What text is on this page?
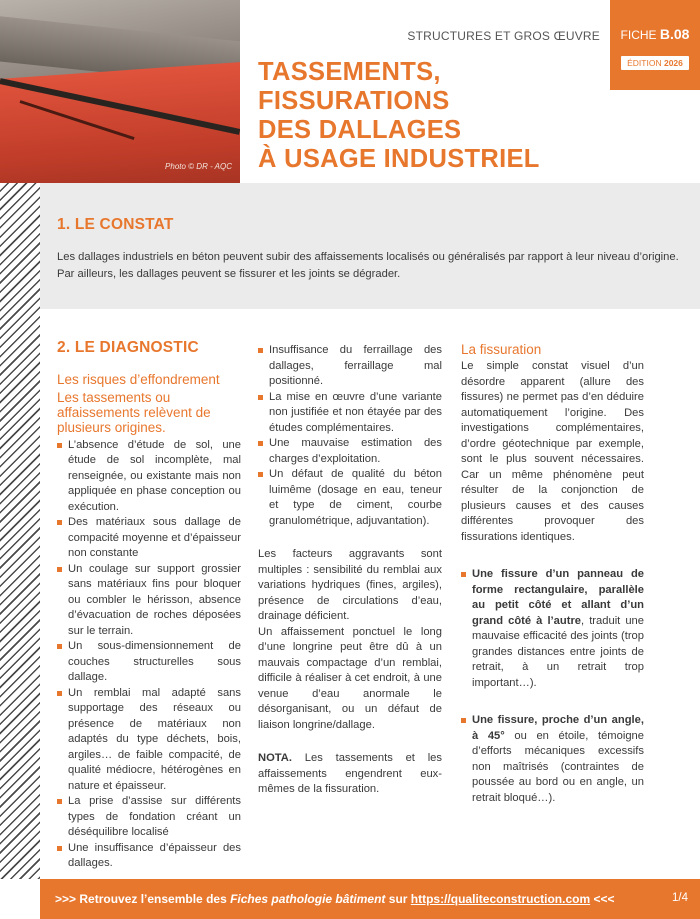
Photo © DR - AQC
STRUCTURES ET GROS ŒUVRE	FICHE B.08
ÉDITION 2026
TASSEMENTS,
FISSURATIONS
DES DALLAGES
À USAGE INDUSTRIEL
1. LE CONSTAT

Les dallages industriels en béton peuvent subir des affaissements localisés ou généralisés par rapport à leur niveau d’origine. Par ailleurs, les dallages peuvent se fissurer et les joints se dégrader.

2. LE DIAGNOSTIC
Les risques d’effondrement
Les tassements ou affaissements relèvent de plusieurs origines.
L’absence d’étude de sol, une étude de sol incomplète, mal renseignée, ou existante mais non appliquée en phase conception ou exécution.
Des matériaux sous dallage de compacité moyenne et d’épaisseur non constante
Un coulage sur support grossier sans matériaux fins pour bloquer ou combler le hérisson, absence d’évacuation de roches déposées sur le terrain.
Un sous-dimensionnement de couches structurelles sous dallage.
Un remblai mal adapté sans supportage des réseaux ou présence de matériaux non adaptés du type déchets, bois, argiles… de faible compacité, de qualité médiocre, hétérogènes en nature et épaisseur.
La prise d’assise sur différents types de fondation créant un déséquilibre localisé
Une insuffisance d’épaisseur des dallages.
Insuffisance du ferraillage des dallages, ferraillage mal positionné.
La mise en œuvre d’une variante non justifiée et non étayée par des études complémentaires.
Une mauvaise estimation des charges d’exploitation.
Un défaut de qualité du béton luimême (dosage en eau, teneur et type de ciment, courbe granulométrique, adjuvantation).

Les facteurs aggravants sont multiples : sensibilité du remblai aux variations hydriques (fines, argiles), présence de circulations d’eau, drainage déficient.

Un affaissement ponctuel le long d’une longrine peut être dû à un mauvais compactage d’un remblai, difficile à réaliser à cet endroit, à une venue d’eau anormale le désorganisant, ou un défaut de liaison longrine/dallage.

NOTA. Les tassements et les affaissements engendrent eux-mêmes de la fissuration.

La fissuration

Le simple constat visuel d’un désordre apparent (allure des fissures) ne permet pas d’en déduire automatiquement l’origine. Des investigations complémentaires, d’ordre géotechnique par exemple, sont le plus souvent nécessaires. Car un même phénomène peut résulter de la conjonction de plusieurs causes et des causes différentes provoquer des fissurations identiques.

Une fissure d’un panneau de forme rectangulaire, parallèle au petit côté et allant d’un grand côté à l’autre, traduit une mauvaise efficacité des joints (trop grandes distances entre joints de retrait, à un retrait trop important…).
Une fissure, proche d’un angle, à 45° ou en étoile, témoigne d’efforts mécaniques excessifs non maîtrisés (contraintes de poussée au bord ou en angle, un retrait bloqué…).
>>> Retrouvez l’ensemble des Fiches pathologie bâtiment sur https://qualiteconstruction.com <<<	1/4
